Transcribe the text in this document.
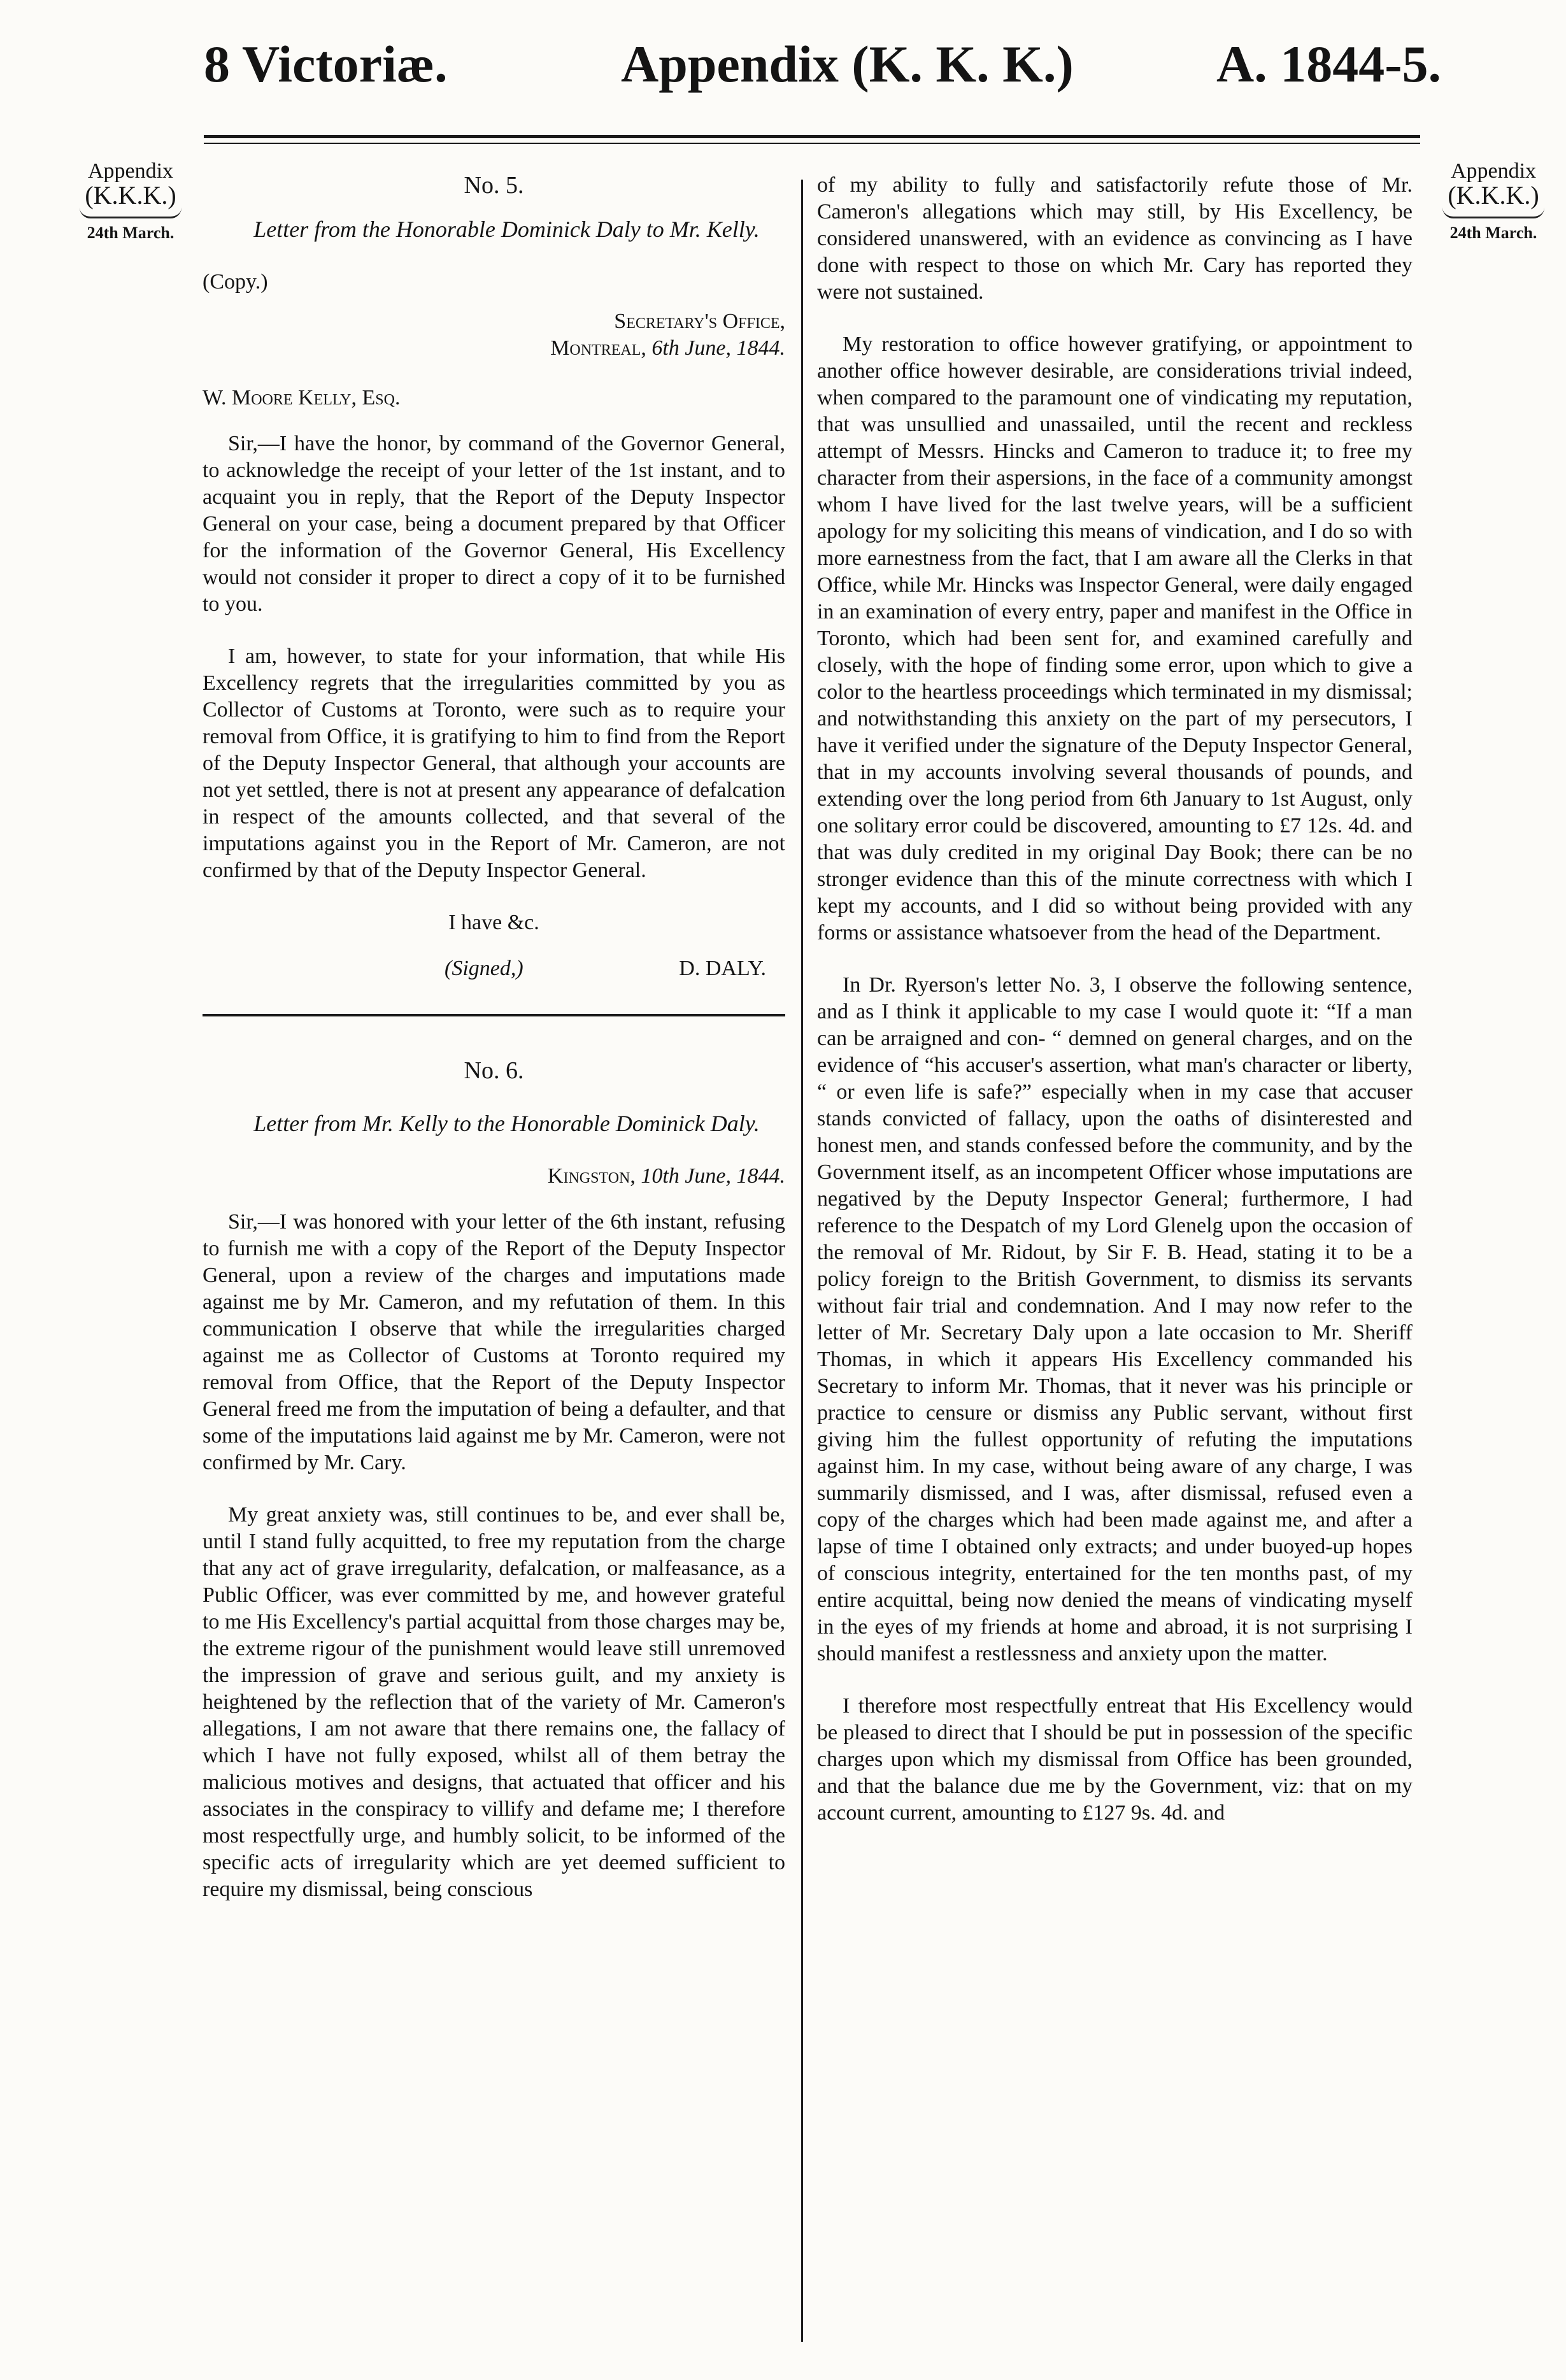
8 Victoriæ.	Appendix (K. K. K.)	A. 1844-5.
Appendix
(K.K.K.)
24th March.
Appendix
(K.K.K.)
24th March.
No. 5.

Letter from the Honorable Dominick Daly to Mr. Kelly.

(Copy.)

Secretary's Office,
Montreal, 6th June, 1844.

W. Moore Kelly, Esq.

Sir,—I have the honor, by command of the Governor General, to acknowledge the receipt of your letter of the 1st instant, and to acquaint you in reply, that the Report of the Deputy Inspector General on your case, being a document prepared by that Officer for the information of the Governor General, His Excellency would not consider it proper to direct a copy of it to be furnished to you.

I am, however, to state for your information, that while His Excellency regrets that the irregularities committed by you as Collector of Customs at Toronto, were such as to require your removal from Office, it is gratifying to him to find from the Report of the Deputy Inspector General, that although your accounts are not yet settled, there is not at present any appearance of defalcation in respect of the amounts collected, and that several of the imputations against you in the Report of Mr. Cameron, are not confirmed by that of the Deputy Inspector General.

I have &c.
(Signed,)	D. DALY.
No. 6.

Letter from Mr. Kelly to the Honorable Dominick Daly.

Kingston, 10th June, 1844.

Sir,—I was honored with your letter of the 6th instant, refusing to furnish me with a copy of the Report of the Deputy Inspector General, upon a review of the charges and imputations made against me by Mr. Cameron, and my refutation of them. In this communication I observe that while the irregularities charged against me as Collector of Customs at Toronto required my removal from Office, that the Report of the Deputy Inspector General freed me from the imputation of being a defaulter, and that some of the imputations laid against me by Mr. Cameron, were not confirmed by Mr. Cary.

My great anxiety was, still continues to be, and ever shall be, until I stand fully acquitted, to free my reputation from the charge that any act of grave irregularity, defalcation, or malfeasance, as a Public Officer, was ever committed by me, and however grateful to me His Excellency's partial acquittal from those charges may be, the extreme rigour of the punishment would leave still unremoved the impression of grave and serious guilt, and my anxiety is heightened by the reflection that of the variety of Mr. Cameron's allegations, I am not aware that there remains one, the fallacy of which I have not fully exposed, whilst all of them betray the malicious motives and designs, that actuated that officer and his associates in the conspiracy to villify and defame me; I therefore most respectfully urge, and humbly solicit, to be informed of the specific acts of irregularity which are yet deemed sufficient to require my dismissal, being conscious

of my ability to fully and satisfactorily refute those of Mr. Cameron's allegations which may still, by His Excellency, be considered unanswered, with an evidence as convincing as I have done with respect to those on which Mr. Cary has reported they were not sustained.

My restoration to office however gratifying, or appointment to another office however desirable, are considerations trivial indeed, when compared to the paramount one of vindicating my reputation, that was unsullied and unassailed, until the recent and reckless attempt of Messrs. Hincks and Cameron to traduce it; to free my character from their aspersions, in the face of a community amongst whom I have lived for the last twelve years, will be a sufficient apology for my soliciting this means of vindication, and I do so with more earnestness from the fact, that I am aware all the Clerks in that Office, while Mr. Hincks was Inspector General, were daily engaged in an examination of every entry, paper and manifest in the Office in Toronto, which had been sent for, and examined carefully and closely, with the hope of finding some error, upon which to give a color to the heartless proceedings which terminated in my dismissal; and notwithstanding this anxiety on the part of my persecutors, I have it verified under the signature of the Deputy Inspector General, that in my accounts involving several thousands of pounds, and extending over the long period from 6th January to 1st August, only one solitary error could be discovered, amounting to £7 12s. 4d. and that was duly credited in my original Day Book; there can be no stronger evidence than this of the minute correctness with which I kept my accounts, and I did so without being provided with any forms or assistance whatsoever from the head of the Department.

In Dr. Ryerson's letter No. 3, I observe the following sentence, and as I think it applicable to my case I would quote it: “If a man can be arraigned and con- “ demned on general charges, and on the evidence of “his accuser's assertion, what man's character or liberty, “ or even life is safe?” especially when in my case that accuser stands convicted of fallacy, upon the oaths of disinterested and honest men, and stands confessed before the community, and by the Government itself, as an incompetent Officer whose imputations are negatived by the Deputy Inspector General; furthermore, I had reference to the Despatch of my Lord Glenelg upon the occasion of the removal of Mr. Ridout, by Sir F. B. Head, stating it to be a policy foreign to the British Government, to dismiss its servants without fair trial and condemnation. And I may now refer to the letter of Mr. Secretary Daly upon a late occasion to Mr. Sheriff Thomas, in which it appears His Excellency commanded his Secretary to inform Mr. Thomas, that it never was his principle or practice to censure or dismiss any Public servant, without first giving him the fullest opportunity of refuting the imputations against him. In my case, without being aware of any charge, I was summarily dismissed, and I was, after dismissal, refused even a copy of the charges which had been made against me, and after a lapse of time I obtained only extracts; and under buoyed-up hopes of conscious integrity, entertained for the ten months past, of my entire acquittal, being now denied the means of vindicating myself in the eyes of my friends at home and abroad, it is not surprising I should manifest a restlessness and anxiety upon the matter.

I therefore most respectfully entreat that His Excellency would be pleased to direct that I should be put in possession of the specific charges upon which my dismissal from Office has been grounded, and that the balance due me by the Government, viz: that on my account current, amounting to £127 9s. 4d. and
